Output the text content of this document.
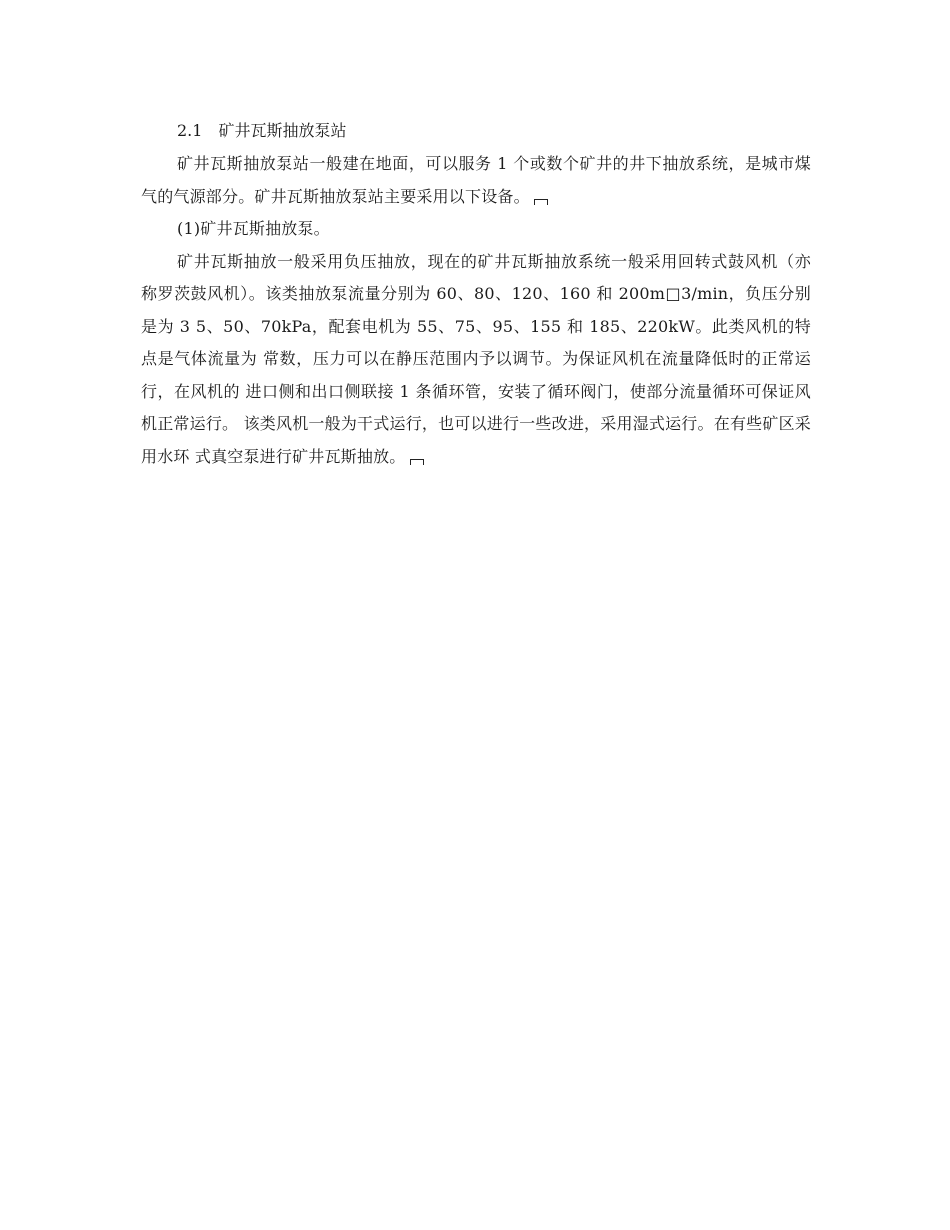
2.1 矿井瓦斯抽放泵站

矿井瓦斯抽放泵站一般建在地面，可以服务 1 个或数个矿井的井下抽放系统，是城市煤 气的气源部分。矿井瓦斯抽放泵站主要采用以下设备。

(1)矿井瓦斯抽放泵。

矿井瓦斯抽放一般采用负压抽放，现在的矿井瓦斯抽放系统一般采用回转式鼓风机（亦 称罗茨鼓风机）。该类抽放泵流量分别为 60、80、120、160 和 200m□3/min，负压分别是为 3 5、50、70kPa，配套电机为 55、75、95、155 和 185、220kW。此类风机的特点是气体流量为 常数，压力可以在静压范围内予以调节。为保证风机在流量降低时的正常运行，在风机的 进口侧和出口侧联接 1 条循环管，安装了循环阀门，使部分流量循环可保证风机正常运行。 该类风机一般为干式运行，也可以进行一些改进，采用湿式运行。在有些矿区采用水环 式真空泵进行矿井瓦斯抽放。
